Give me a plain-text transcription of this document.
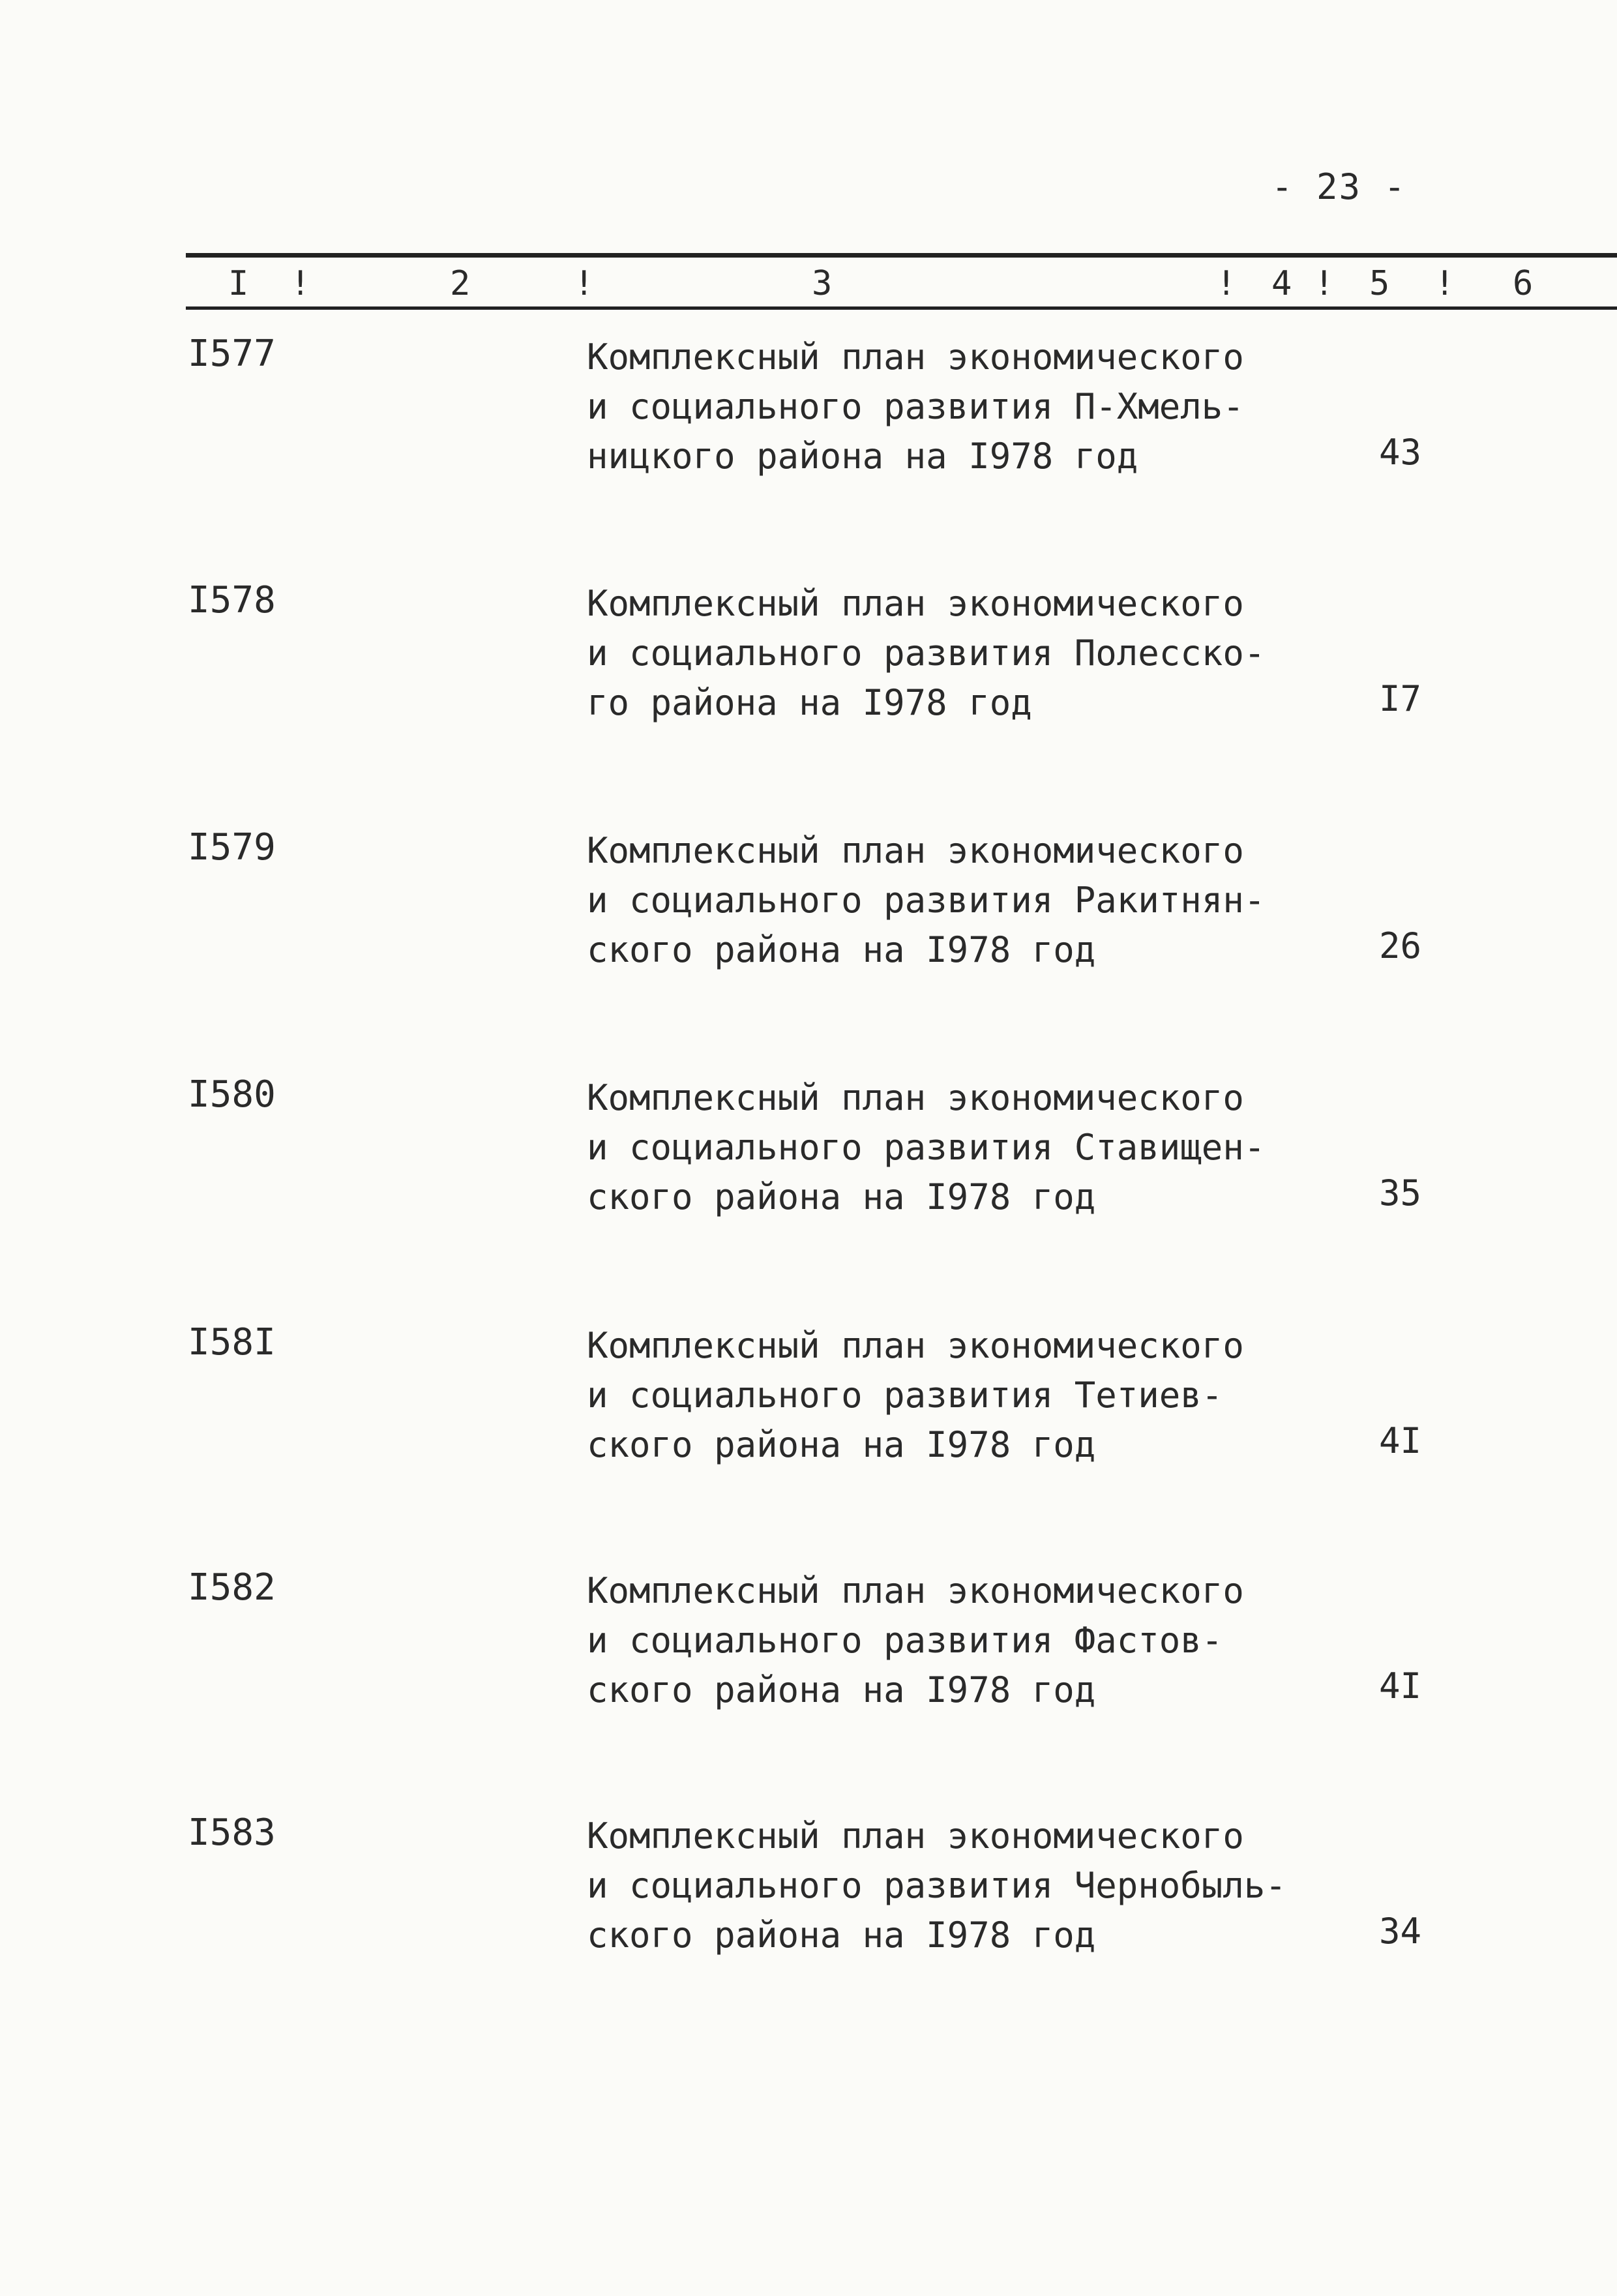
- 23 -
I !	2	!	3	! 4 ! 5 ! 6
I577	Комплексный план экономического
и социального развития П-Хмель-
ницкого района на I978 год	43
I578	Комплексный план экономического
и социального развития Полесско-
го района на I978 год	I7
I579	Комплексный план экономического
и социального развития Ракитнян-
ского района на I978 год	26
I580	Комплексный план экономического
и социального развития Ставищен-
ского района на I978 год	35
I58I	Комплексный план экономического
и социального развития Тетиев-
ского района на I978 год	4I
I582	Комплексный план экономического
и социального развития Фастов-
ского района на I978 год	4I
I583	Комплексный план экономического
и социального развития Чернобыль-
ского района на I978 год	34
